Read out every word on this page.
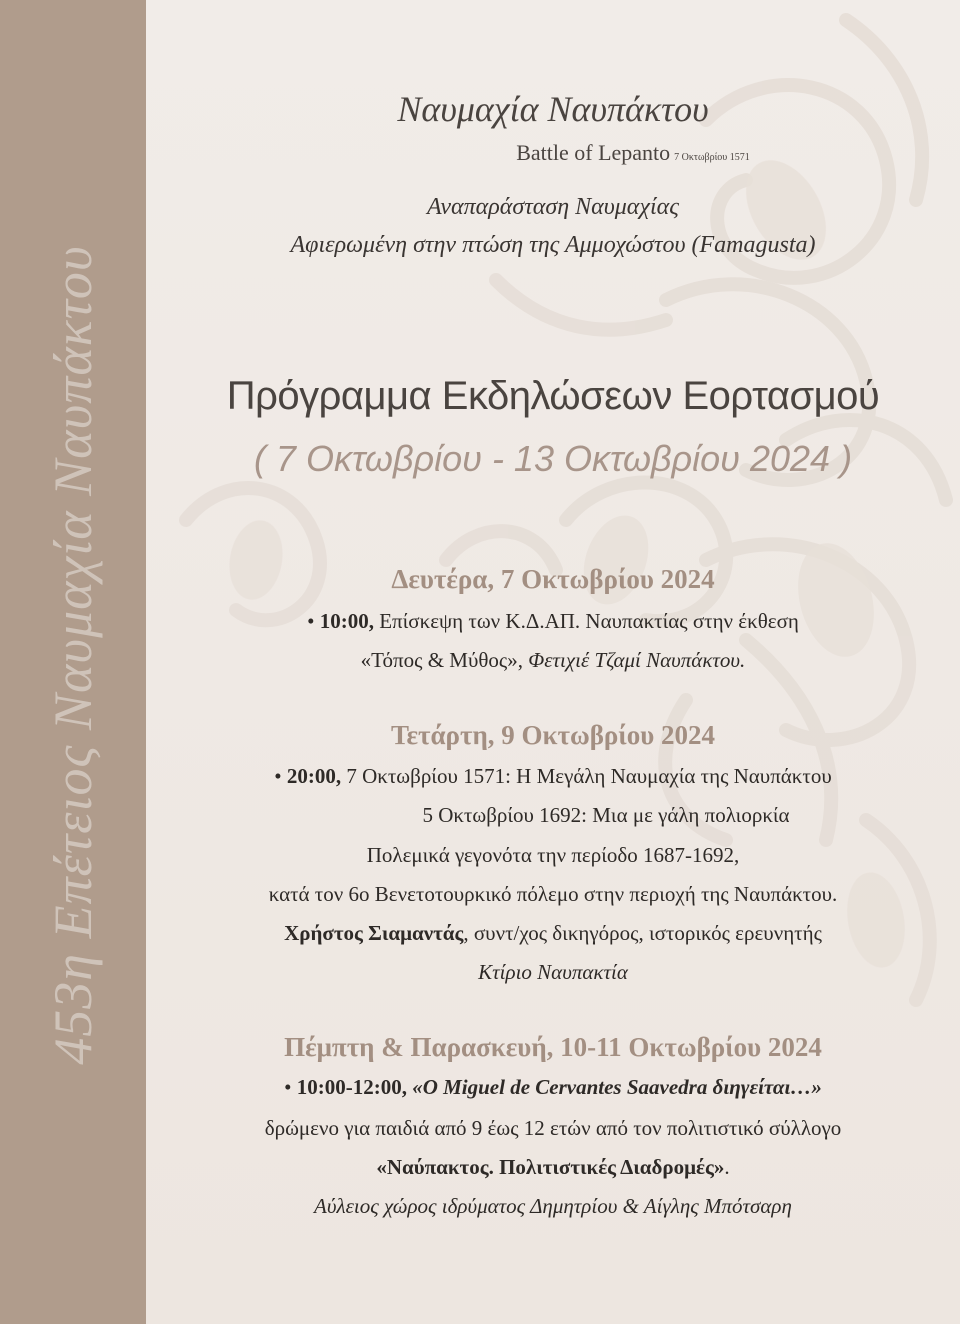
453η Επέτειος Ναυμαχία Ναυπάκτου
Ναυμαχία Ναυπάκτου
Battle of Lepanto 7 Οκτωβρίου 1571
Αναπαράσταση Ναυμαχίας
Αφιερωμένη στην πτώση της Αμμοχώστου (Famagusta)
Πρόγραμμα Εκδηλώσεων Εορτασμού
( 7 Οκτωβρίου - 13 Οκτωβρίου 2024 )
Δευτέρα, 7 Οκτωβρίου 2024
• 10:00, Επίσκεψη των Κ.Δ.ΑΠ. Ναυπακτίας στην έκθεση
«Τόπος & Μύθος», Φετιχιέ Τζαμί Ναυπάκτου.
Τετάρτη, 9 Οκτωβρίου 2024
• 20:00, 7 Οκτωβρίου 1571: Η Μεγάλη Ναυμαχία της Ναυπάκτου
5 Οκτωβρίου 1692: Μια με γάλη πολιορκία
Πολεμικά γεγονότα την περίοδο 1687-1692,
κατά τον 6ο Βενετοτουρκικό πόλεμο στην περιοχή της Ναυπάκτου.
Χρήστος Σιαμαντάς, συντ/χος δικηγόρος, ιστορικός ερευνητής
Κτίριο Ναυπακτία
Πέμπτη & Παρασκευή, 10-11 Οκτωβρίου 2024
• 10:00-12:00, «Ο Miguel de Cervantes Saavedra διηγείται…»
δρώμενο για παιδιά από 9 έως 12 ετών από τον πολιτιστικό σύλλογο
«Ναύπακτος. Πολιτιστικές Διαδρομές».
Αύλειος χώρος ιδρύματος Δημητρίου & Αίγλης Μπότσαρη
